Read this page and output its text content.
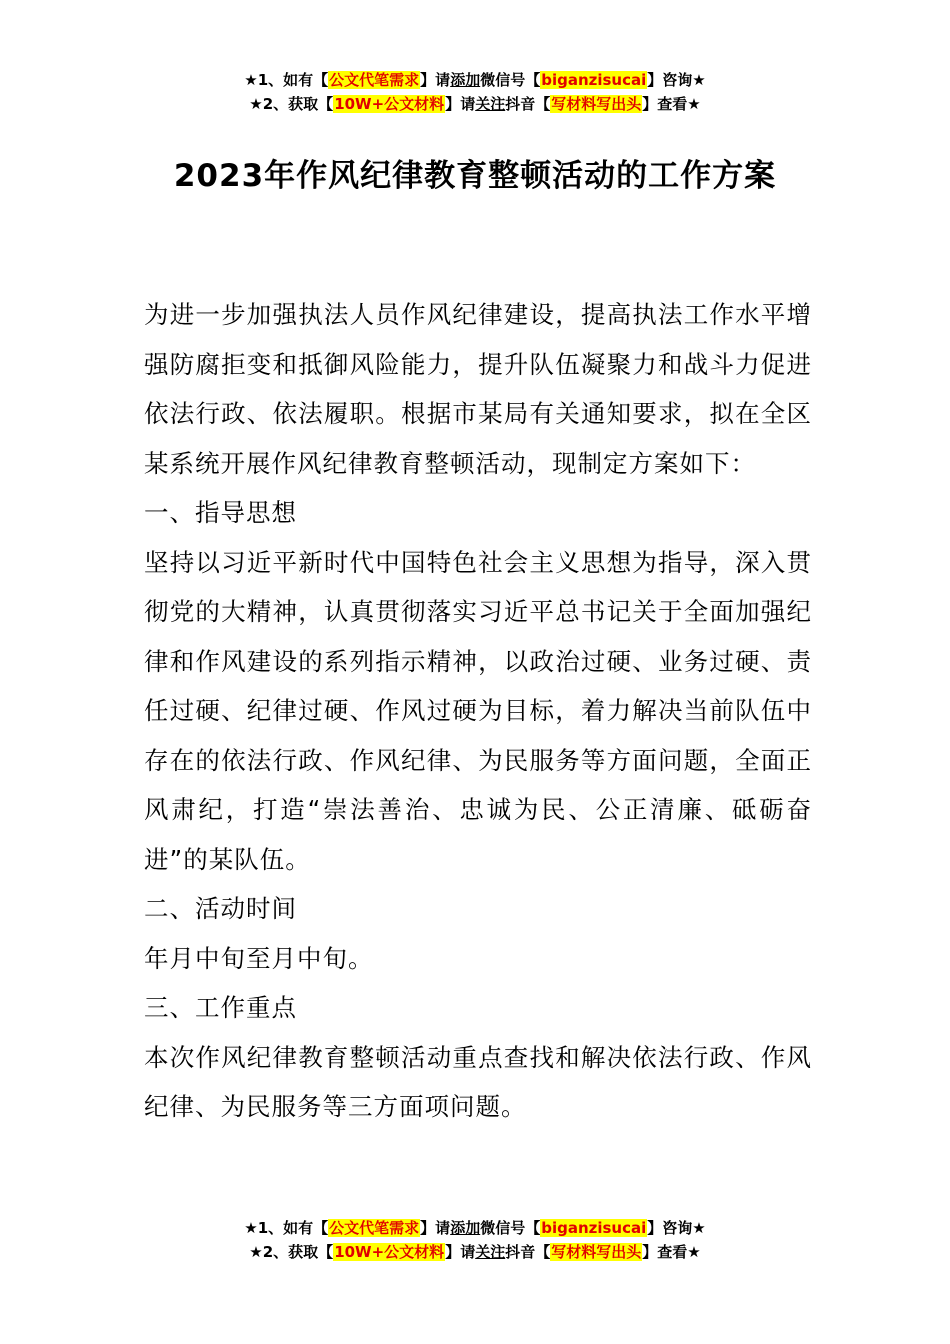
★1、如有【公文代笔需求】请添加微信号【biganzisucai】咨询★
★2、获取【10W+公文材料】请关注抖音【写材料写出头】查看★
2023年作风纪律教育整顿活动的工作方案

为进一步加强执法人员作风纪律建设，提高执法工作水平增强防腐拒变和抵御风险能力，提升队伍凝聚力和战斗力促进依法行政、依法履职。根据市某局有关通知要求，拟在全区某系统开展作风纪律教育整顿活动，现制定方案如下：

一、指导思想

坚持以习近平新时代中国特色社会主义思想为指导，深入贯彻党的大精神，认真贯彻落实习近平总书记关于全面加强纪律和作风建设的系列指示精神，以政治过硬、业务过硬、责任过硬、纪律过硬、作风过硬为目标，着力解决当前队伍中存在的依法行政、作风纪律、为民服务等方面问题，全面正风肃纪，打造“崇法善治、忠诚为民、公正清廉、砥砺奋进”的某队伍。

二、活动时间

年月中旬至月中旬。

三、工作重点

本次作风纪律教育整顿活动重点查找和解决依法行政、作风纪律、为民服务等三方面项问题。

★1、如有【公文代笔需求】请添加微信号【biganzisucai】咨询★
★2、获取【10W+公文材料】请关注抖音【写材料写出头】查看★
